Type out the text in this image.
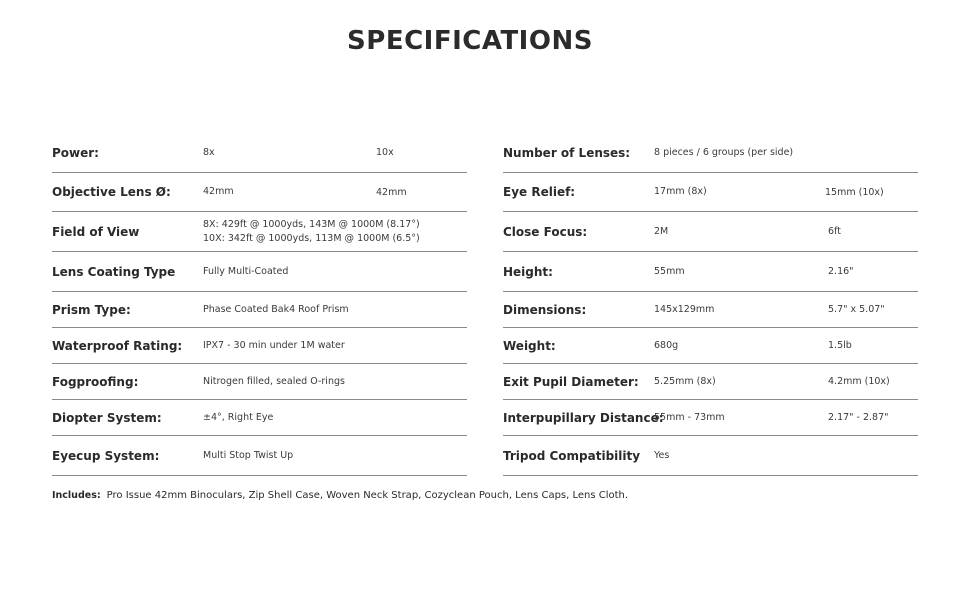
SPECIFICATIONS
Power:	8x	10x
Objective Lens Ø:	42mm	42mm
Field of View
8X: 429ft @ 1000yds, 143M @ 1000M (8.17°)
10X: 342ft @ 1000yds, 113M @ 1000M (6.5°)
Lens Coating Type	Fully Multi-Coated
Prism Type:	Phase Coated Bak4 Roof Prism
Waterproof Rating:	IPX7 - 30 min under 1M water
Fogproofing:	Nitrogen filled, sealed O-rings
Diopter System:	±4°, Right Eye
Eyecup System:	Multi Stop Twist Up
Number of Lenses:	8 pieces / 6 groups (per side)
Eye Relief:	17mm (8x)	15mm (10x)
Close Focus:	2M	6ft
Height:	55mm	2.16"
Dimensions:	145x129mm	5.7" x 5.07"
Weight:	680g	1.5lb
Exit Pupil Diameter:	5.25mm (8x)	4.2mm (10x)
Interpupillary Distance:
55mm - 73mm	2.17" - 2.87"
Tripod Compatibility	Yes
Includes: Pro Issue 42mm Binoculars, Zip Shell Case, Woven Neck Strap, Cozyclean Pouch, Lens Caps, Lens Cloth.
